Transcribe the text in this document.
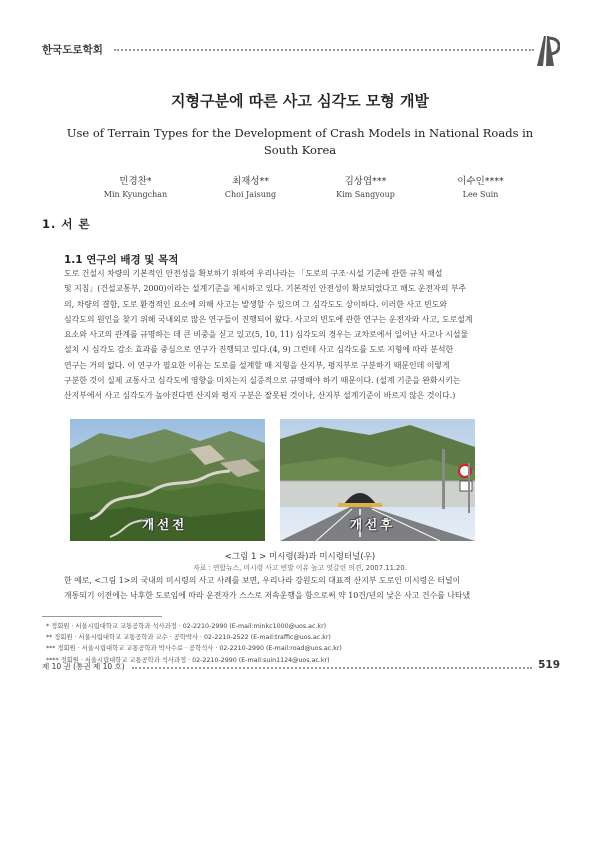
한국도로학회
지형구분에 따른 사고 심각도 모형 개발
Use of Terrain Types for the Development of Crash Models in National Roads in South Korea
민경찬*
Min Kyungchan
최재성**
Choi Jaisung
김상엽***
Kim Sangyoup
이수인****
Lee Suin
1. 서 론
1.1 연구의 배경 및 목적
도로 건설시 차량의 기본적인 안전성을 확보하기 위하여 우리나라는 「도로의 구조·시설 기준에 관한 규칙 해설
및 지침」(건설교통부, 2000)이라는 설계기준을 제시하고 있다. 기본적인 안전성이 확보되었다고 해도 운전자의 부주
의, 차량의 결함, 도로 환경적인 요소에 의해 사고는 발생할 수 있으며 그 심각도도 상이하다. 이러한 사고 빈도와
심각도의 원인을 찾기 위해 국내외로 많은 연구들이 진행되어 왔다. 사고의 빈도에 관한 연구는 운전자와 사고, 도로설계
요소와 사고의 관계를 규명하는 데 큰 비중을 싣고 있고(5, 10, 11) 심각도의 경우는 교차로에서 일어난 사고나 시설물
설치 시 심각도 감소 효과를 중심으로 연구가 진행되고 있다.(4, 9) 그런데 사고 심각도를 도로 지형에 따라 분석한
연구는 거의 없다. 이 연구가 필요한 이유는 도로를 설계할 때 지형을 산지부, 평지부로 구분하기 때문인데 이렇게
구분한 것이 실제 교통사고 심각도에 영향을 미치는지 실증적으로 규명해야 하기 때문이다. (설계 기준을 완화시키는
산지부에서 사고 심각도가 높아진다면 산지와 평지 구분은 잘못된 것이나, 산지부 설계기준이 바르지 않은 것이다.)
개선전	개선후
<그림 1 > 미시령(좌)과 미시령터널(우)
자료 : 연합뉴스, 미시령 사고 빈발 이유 높고 엇갈린 의견, 2007.11.20.
한 예로, <그림 1>의 국내의 미시령의 사고 사례를 보면, 우리나라 강원도의 대표적 산지부 도로인 미시령은 터널이
개통되기 이전에는 낙후한 도로임에 따라 운전자가 스스로 저속운행을 함으로써 약 10건/년의 낮은 사고 건수를 나타냈
* 정회원 · 서울시립대학교 교통공학과 석사과정 · 02-2210-2990 (E-mail:minkc1000@uos.ac.kr)
** 정회원 · 서울시립대학교 교통공학과 교수 · 공학박사 · 02-2210-2522 (E-mail:traffic@uos.ac.kr)
*** 정회원 · 서울시립대학교 교통공학과 박사수료 · 공학석사 · 02-2210-2990 (E-mail:road@uos.ac.kr)
**** 정회원 · 서울시립대학교 교통공학과 석사과정 · 02-2210-2990 (E-mail:suin1124@uos.ac.kr)
제 10 권 (통권 제 10 호)	519
